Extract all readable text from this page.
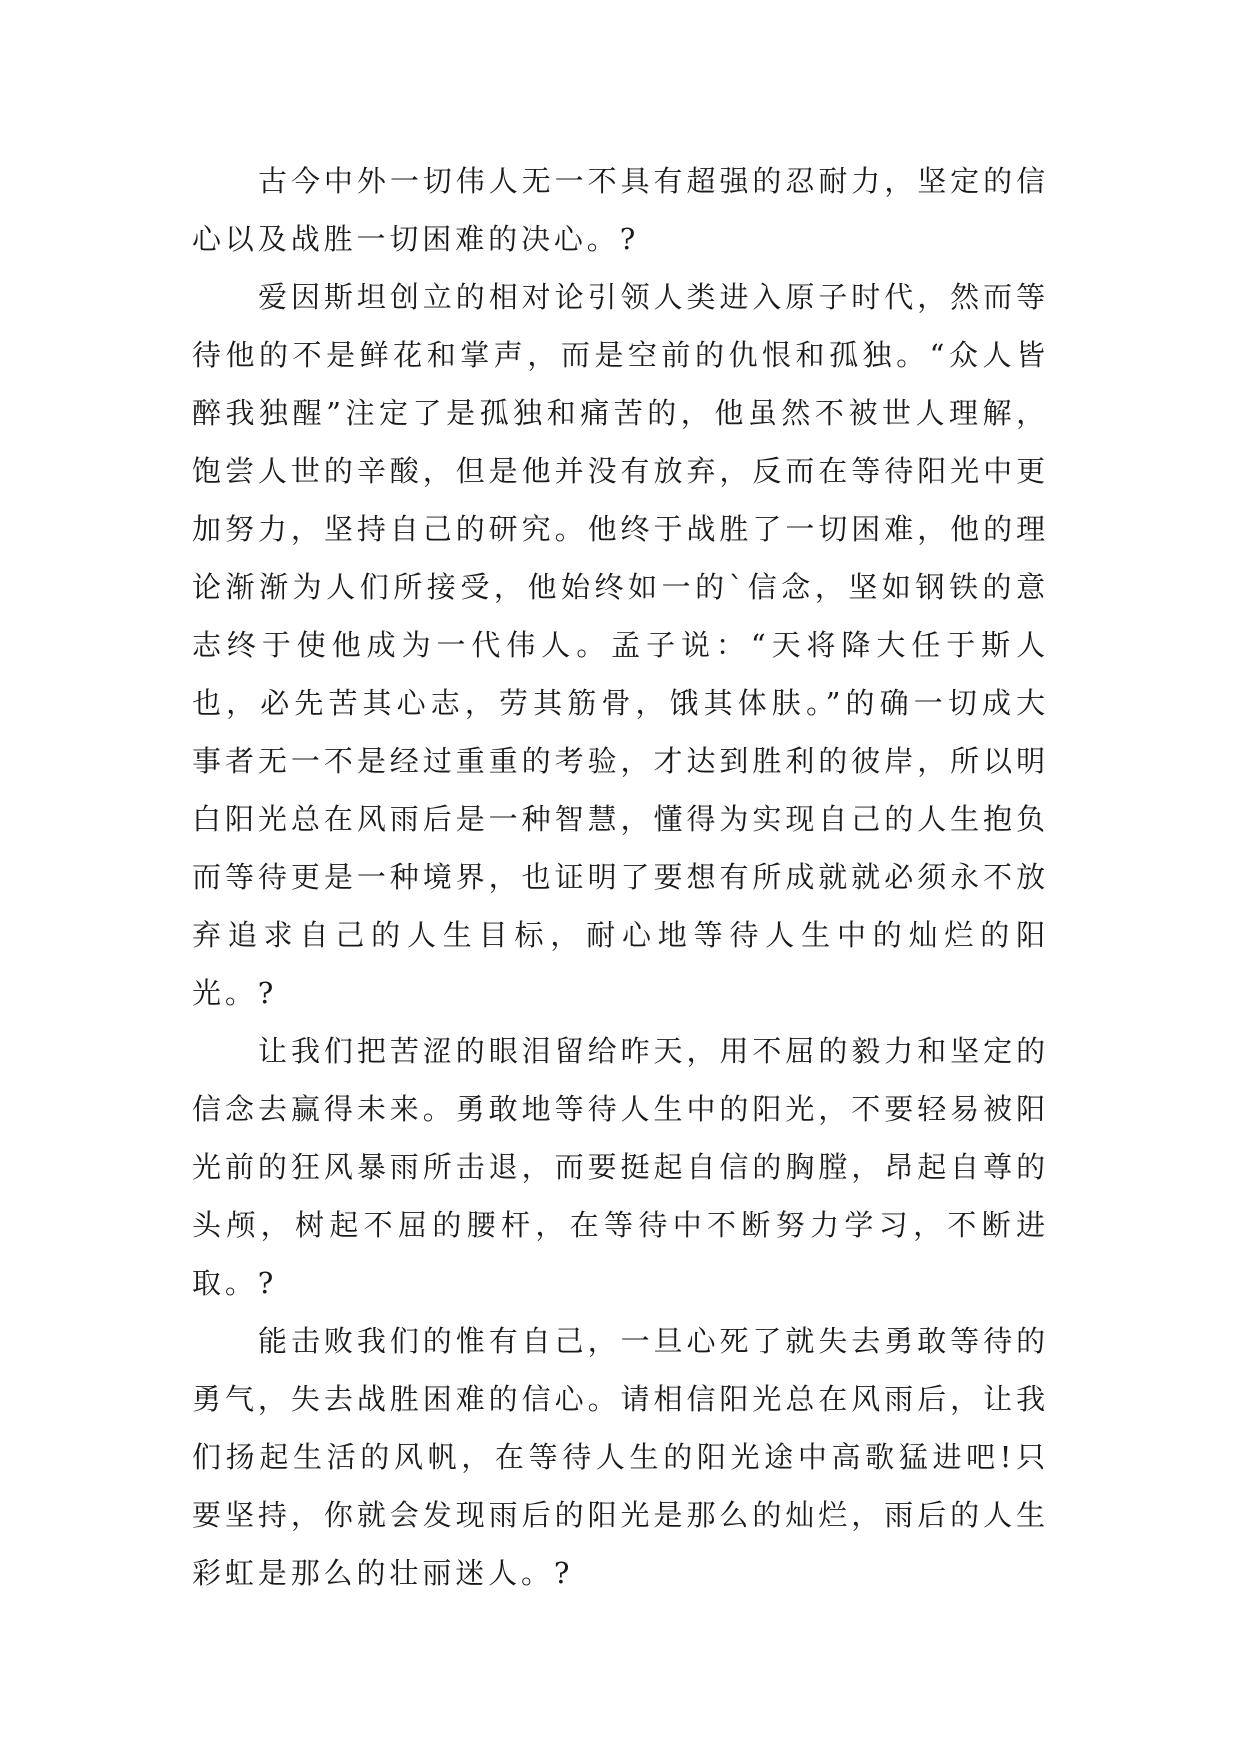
古今中外一切伟人无一不具有超强的忍耐力，坚定的信心以及战胜一切困难的决心。?

爱因斯坦创立的相对论引领人类进入原子时代，然而等待他的不是鲜花和掌声，而是空前的仇恨和孤独。“众人皆醉我独醒”注定了是孤独和痛苦的，他虽然不被世人理解，饱尝人世的辛酸，但是他并没有放弃，反而在等待阳光中更加努力，坚持自己的研究。他终于战胜了一切困难，他的理论渐渐为人们所接受，他始终如一的`信念，坚如钢铁的意志终于使他成为一代伟人。孟子说：“天将降大任于斯人也，必先苦其心志，劳其筋骨，饿其体肤。”的确一切成大事者无一不是经过重重的考验，才达到胜利的彼岸，所以明白阳光总在风雨后是一种智慧，懂得为实现自己的人生抱负而等待更是一种境界，也证明了要想有所成就就必须永不放弃追求自己的人生目标，耐心地等待人生中的灿烂的阳光。?

让我们把苦涩的眼泪留给昨天，用不屈的毅力和坚定的信念去赢得未来。勇敢地等待人生中的阳光，不要轻易被阳光前的狂风暴雨所击退，而要挺起自信的胸膛，昂起自尊的头颅，树起不屈的腰杆，在等待中不断努力学习，不断进取。?

能击败我们的惟有自己，一旦心死了就失去勇敢等待的勇气，失去战胜困难的信心。请相信阳光总在风雨后，让我们扬起生活的风帆，在等待人生的阳光途中高歌猛进吧!只要坚持，你就会发现雨后的阳光是那么的灿烂，雨后的人生彩虹是那么的壮丽迷人。?
